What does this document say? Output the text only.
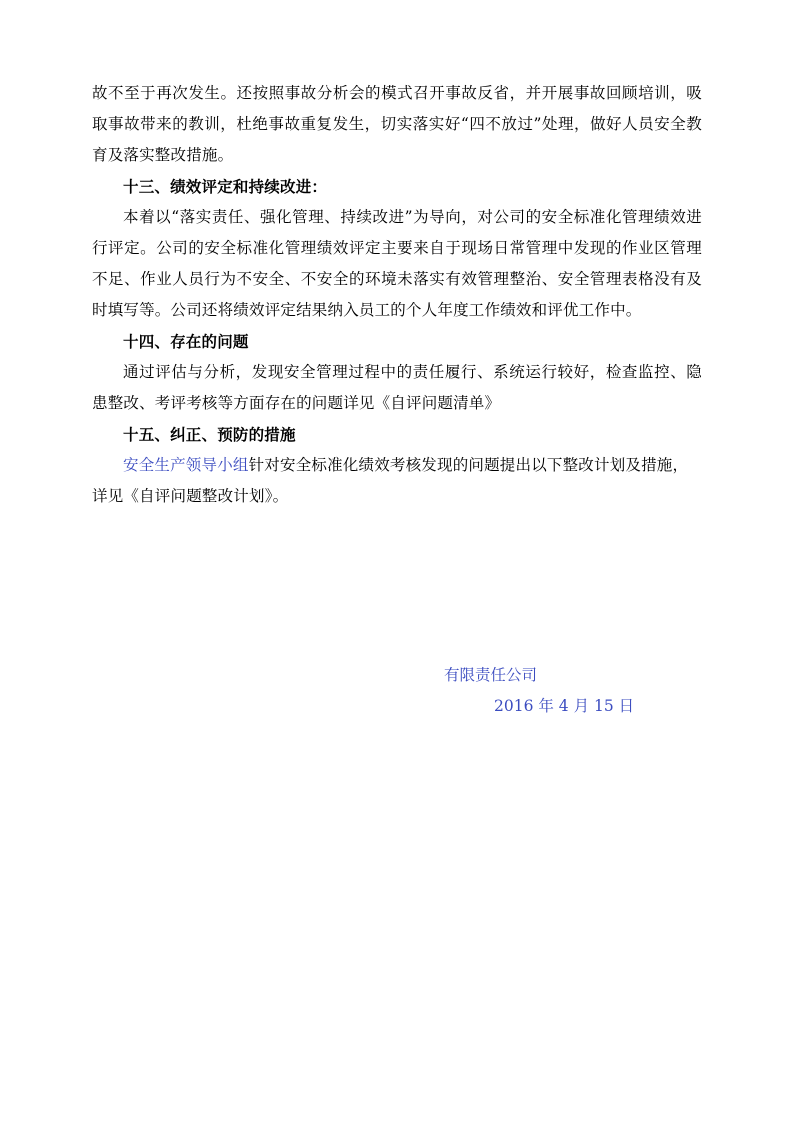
故不至于再次发生。还按照事故分析会的模式召开事故反省，并开展事故回顾培训，吸取事故带来的教训，杜绝事故重复发生，切实落实好“四不放过”处理，做好人员安全教育及落实整改措施。

十三、绩效评定和持续改进：

本着以“落实责任、强化管理、持续改进”为导向，对公司的安全标准化管理绩效进行评定。公司的安全标准化管理绩效评定主要来自于现场日常管理中发现的作业区管理不足、作业人员行为不安全、不安全的环境未落实有效管理整治、安全管理表格没有及时填写等。公司还将绩效评定结果纳入员工的个人年度工作绩效和评优工作中。

十四、存在的问题

通过评估与分析，发现安全管理过程中的责任履行、系统运行较好，检查监控、隐患整改、考评考核等方面存在的问题详见《自评问题清单》

十五、纠正、预防的措施

安全生产领导小组针对安全标准化绩效考核发现的问题提出以下整改计划及措施，

详见《自评问题整改计划》。

有限责任公司
2016 年 4 月 15 日
